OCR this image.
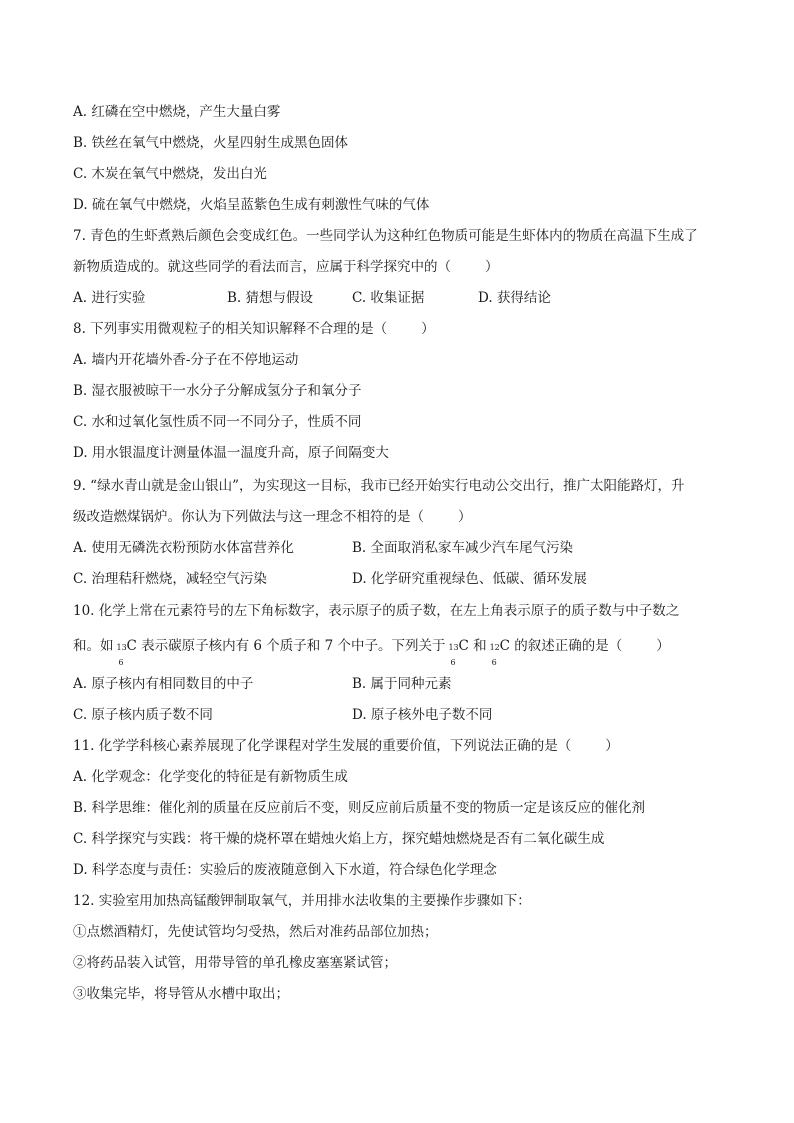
A. 红磷在空中燃烧，产生大量白雾
B. 铁丝在氧气中燃烧，火星四射生成黑色固体
C. 木炭在氧气中燃烧，发出白光
D. 硫在氧气中燃烧，火焰呈蓝紫色生成有刺激性气味的气体
7. 青色的生虾煮熟后颜色会变成红色。一些同学认为这种红色物质可能是生虾体内的物质在高温下生成了
新物质造成的。就这些同学的看法而言，应属于科学探究中的（	）
A. 进行实验	B. 猜想与假设	C. 收集证据	D. 获得结论
8. 下列事实用微观粒子的相关知识解释不合理的是（	）
A. 墙内开花墙外香-分子在不停地运动
B. 湿衣服被晾干一水分子分解成氢分子和氧分子
C. 水和过氧化氢性质不同一不同分子，性质不同
D. 用水银温度计测量体温一温度升高，原子间隔变大
9. “绿水青山就是金山银山”，为实现这一目标，我市已经开始实行电动公交出行，推广太阳能路灯，升
级改造燃煤锅炉。你认为下列做法与这一理念不相符的是（	）
A. 使用无磷洗衣粉预防水体富营养化	B. 全面取消私家车减少汽车尾气污染
C. 治理秸秆燃烧，减轻空气污染	D. 化学研究重视绿色、低碳、循环发展
10. 化学上常在元素符号的左下角标数字，表示原子的质子数，在左上角表示原子的质子数与中子数之
和。如 13
6
C 表示碳原子核内有 6 个质子和 7 个中子。下列关于 13
6
C 和 12
6
C 的叙述正确的是（	）
A. 原子核内有相同数目的中子	B. 属于同种元素
C. 原子核内质子数不同	D. 原子核外电子数不同
11. 化学学科核心素养展现了化学课程对学生发展的重要价值，下列说法正确的是（	）
A. 化学观念：化学变化的特征是有新物质生成
B. 科学思维：催化剂的质量在反应前后不变，则反应前后质量不变的物质一定是该反应的催化剂
C. 科学探究与实践：将干燥的烧杯罩在蜡烛火焰上方，探究蜡烛燃烧是否有二氧化碳生成
D. 科学态度与责任：实验后的废液随意倒入下水道，符合绿色化学理念
12. 实验室用加热高锰酸钾制取氧气，并用排水法收集的主要操作步骤如下：
①点燃酒精灯，先使试管均匀受热，然后对准药品部位加热；
②将药品装入试管，用带导管的单孔橡皮塞塞紧试管；
③收集完毕，将导管从水槽中取出；
